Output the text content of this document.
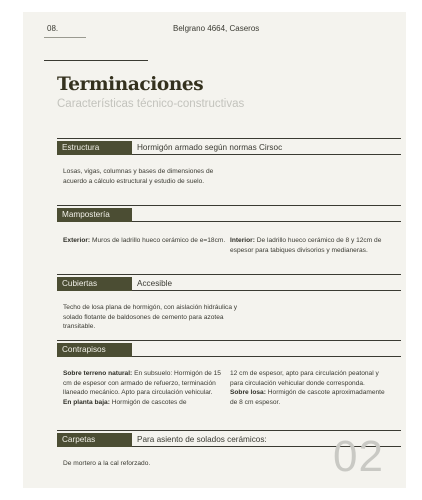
08.	Belgrano 4664, Caseros
Terminaciones
Características técnico-constructivas
Estructura	Hormigón armado según normas Cirsoc
Losas, vigas, columnas y bases de dimensiones de acuerdo a cálculo estructural y estudio de suelo.
Mampostería
Exterior: Muros de ladrillo hueco cerámico de e=18cm. Interior: De ladrillo hueco cerámico de 8 y 12cm de espesor para tabiques divisorios y medianeras.
Cubiertas	Accesible
Techo de losa plana de hormigón, con aislación hidráulica y solado flotante de baldosones de cemento para azotea transitable.
Contrapisos
Sobre terreno natural: En subsuelo: Hormigón de 15 cm de espesor con armado de refuerzo, terminación llaneado mecánico. Apto para circulación vehicular.
En planta baja: Hormigón de cascotes de
12 cm de espesor, apto para circulación peatonal y para circulación vehicular donde corresponda.
Sobre losa: Hormigón de cascote aproximadamente de 8 cm espesor.
Carpetas	Para asiento de solados cerámicos:
De mortero a la cal reforzado.	02
